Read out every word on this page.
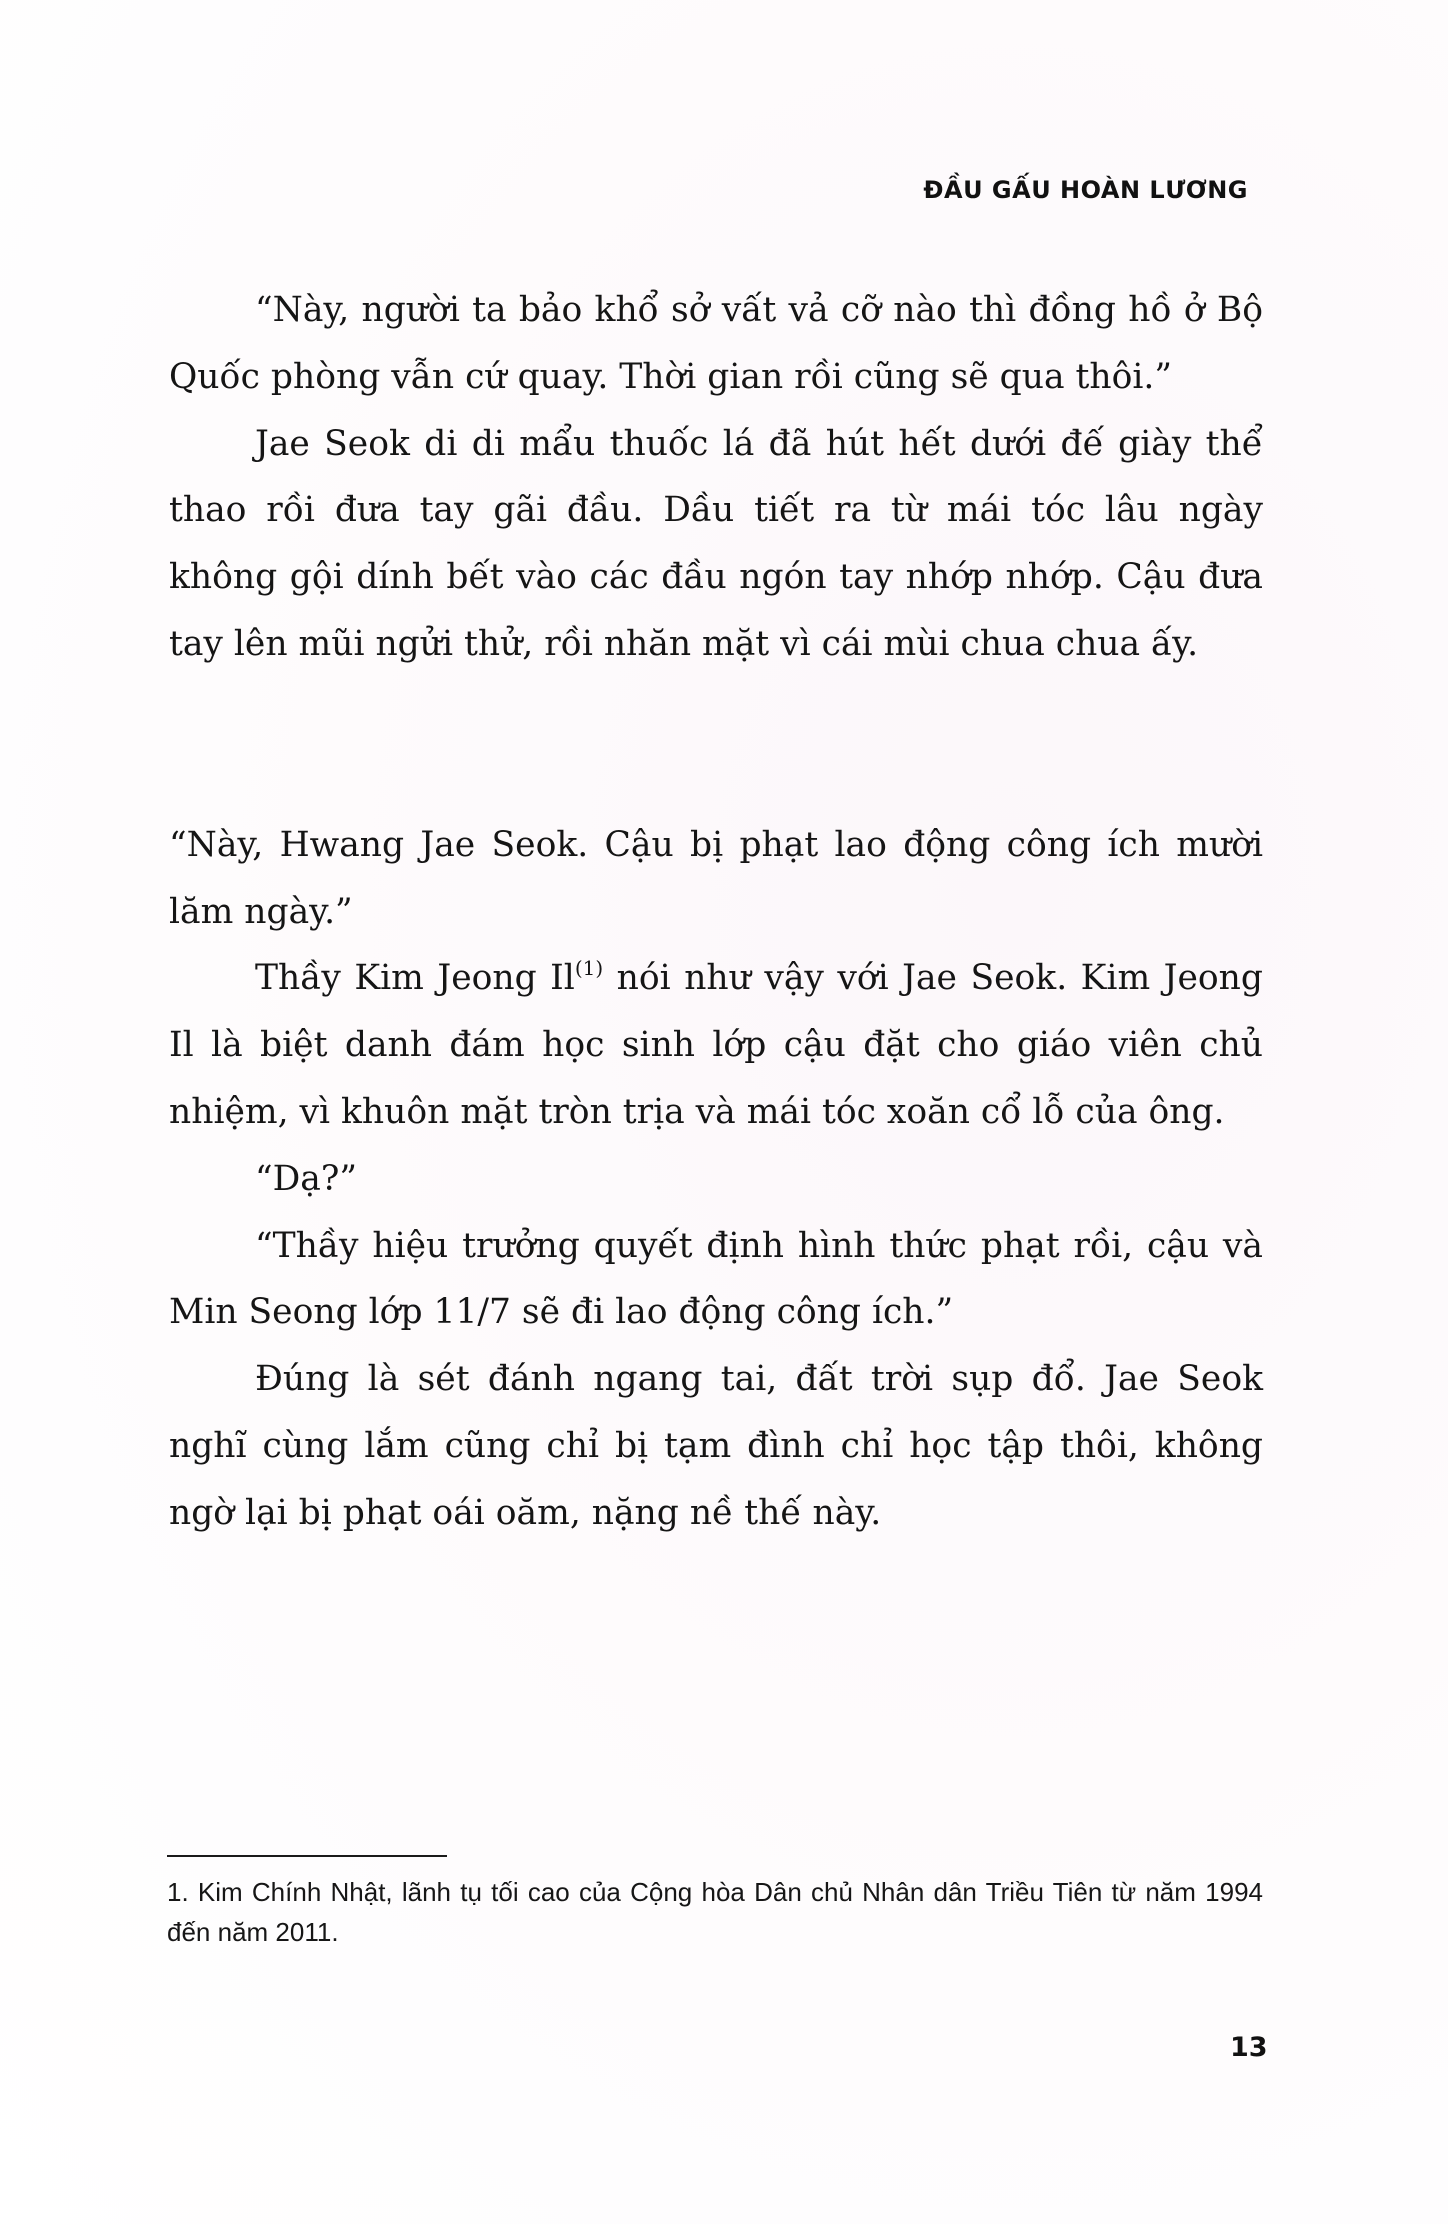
ĐẦU GẤU HOÀN LƯƠNG

“Này, người ta bảo khổ sở vất vả cỡ nào thì đồng hồ ở Bộ Quốc phòng vẫn cứ quay. Thời gian rồi cũng sẽ qua thôi.”

Jae Seok di di mẩu thuốc lá đã hút hết dưới đế giày thể thao rồi đưa tay gãi đầu. Dầu tiết ra từ mái tóc lâu ngày không gội dính bết vào các đầu ngón tay nhớp nhớp. Cậu đưa tay lên mũi ngửi thử, rồi nhăn mặt vì cái mùi chua chua ấy.

“Này, Hwang Jae Seok. Cậu bị phạt lao động công ích mười lăm ngày.”

Thầy Kim Jeong Il$^{(1)}$ nói như vậy với Jae Seok. Kim Jeong Il là biệt danh đám học sinh lớp cậu đặt cho giáo viên chủ nhiệm, vì khuôn mặt tròn trịa và mái tóc xoăn cổ lỗ của ông.

“Dạ?”

“Thầy hiệu trưởng quyết định hình thức phạt rồi, cậu và Min Seong lớp 11/7 sẽ đi lao động công ích.”

Đúng là sét đánh ngang tai, đất trời sụp đổ. Jae Seok nghĩ cùng lắm cũng chỉ bị tạm đình chỉ học tập thôi, không ngờ lại bị phạt oái oăm, nặng nề thế này.

1. Kim Chính Nhật, lãnh tụ tối cao của Cộng hòa Dân chủ Nhân dân Triều Tiên từ năm 1994 đến năm 2011.

13
